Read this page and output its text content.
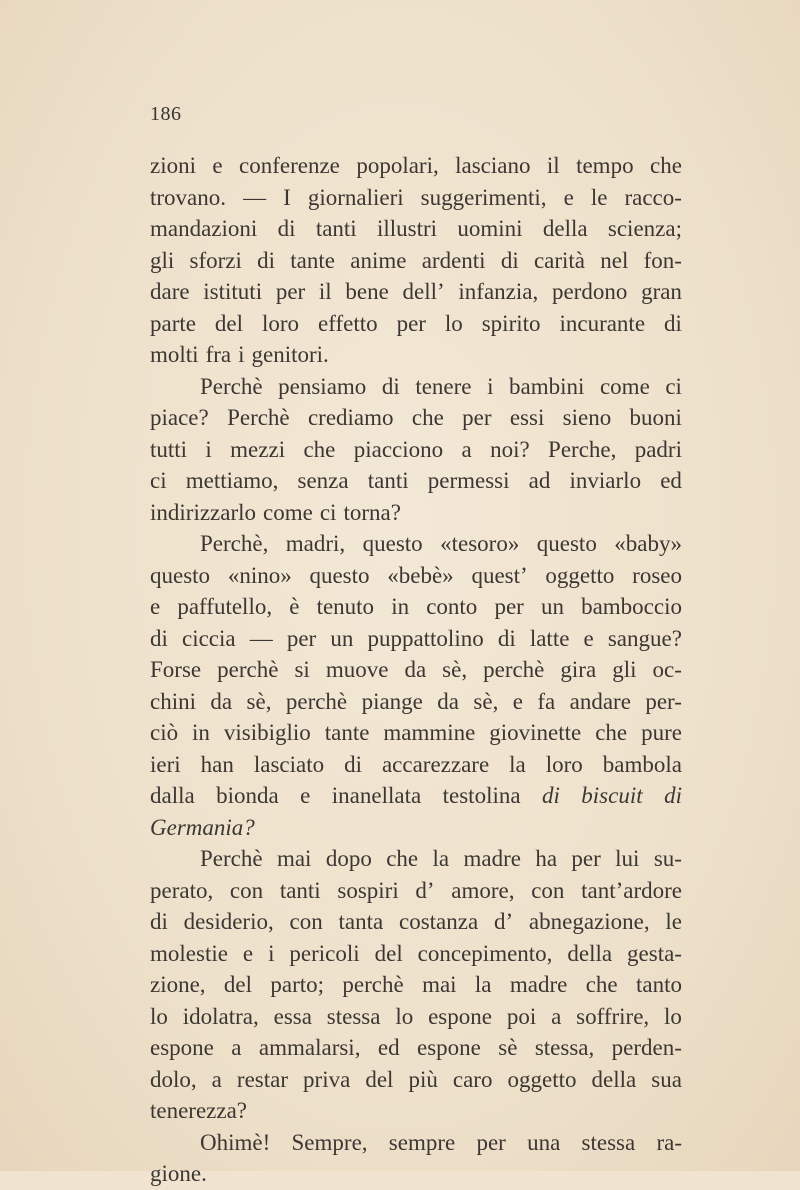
186
zioni e conferenze popolari, lasciano il tempo che
trovano. — I giornalieri suggerimenti, e le racco-
mandazioni di tanti illustri uomini della scienza;
gli sforzi di tante anime ardenti di carità nel fon-
dare istituti per il bene dell’ infanzia, perdono gran
parte del loro effetto per lo spirito incurante di
molti fra i genitori.
Perchè pensiamo di tenere i bambini come ci
piace? Perchè crediamo che per essi sieno buoni
tutti i mezzi che piacciono a noi? Perche, padri
ci mettiamo, senza tanti permessi ad inviarlo ed
indirizzarlo come ci torna?
Perchè, madri, questo «tesoro» questo «baby»
questo «nino» questo «bebè» quest’ oggetto roseo
e paffutello, è tenuto in conto per un bamboccio
di ciccia — per un puppattolino di latte e sangue?
Forse perchè si muove da sè, perchè gira gli oc-
chini da sè, perchè piange da sè, e fa andare per-
ciò in visibiglio tante mammine giovinette che pure
ieri han lasciato di accarezzare la loro bambola
dalla bionda e inanellata testolina di biscuit di
Germania?
Perchè mai dopo che la madre ha per lui su-
perato, con tanti sospiri d’ amore, con tant’ardore
di desiderio, con tanta costanza d’ abnegazione, le
molestie e i pericoli del concepimento, della gesta-
zione, del parto; perchè mai la madre che tanto
lo idolatra, essa stessa lo espone poi a soffrire, lo
espone a ammalarsi, ed espone sè stessa, perden-
dolo, a restar priva del più caro oggetto della sua
tenerezza?
Ohimè! Sempre, sempre per una stessa ra-
gione.
